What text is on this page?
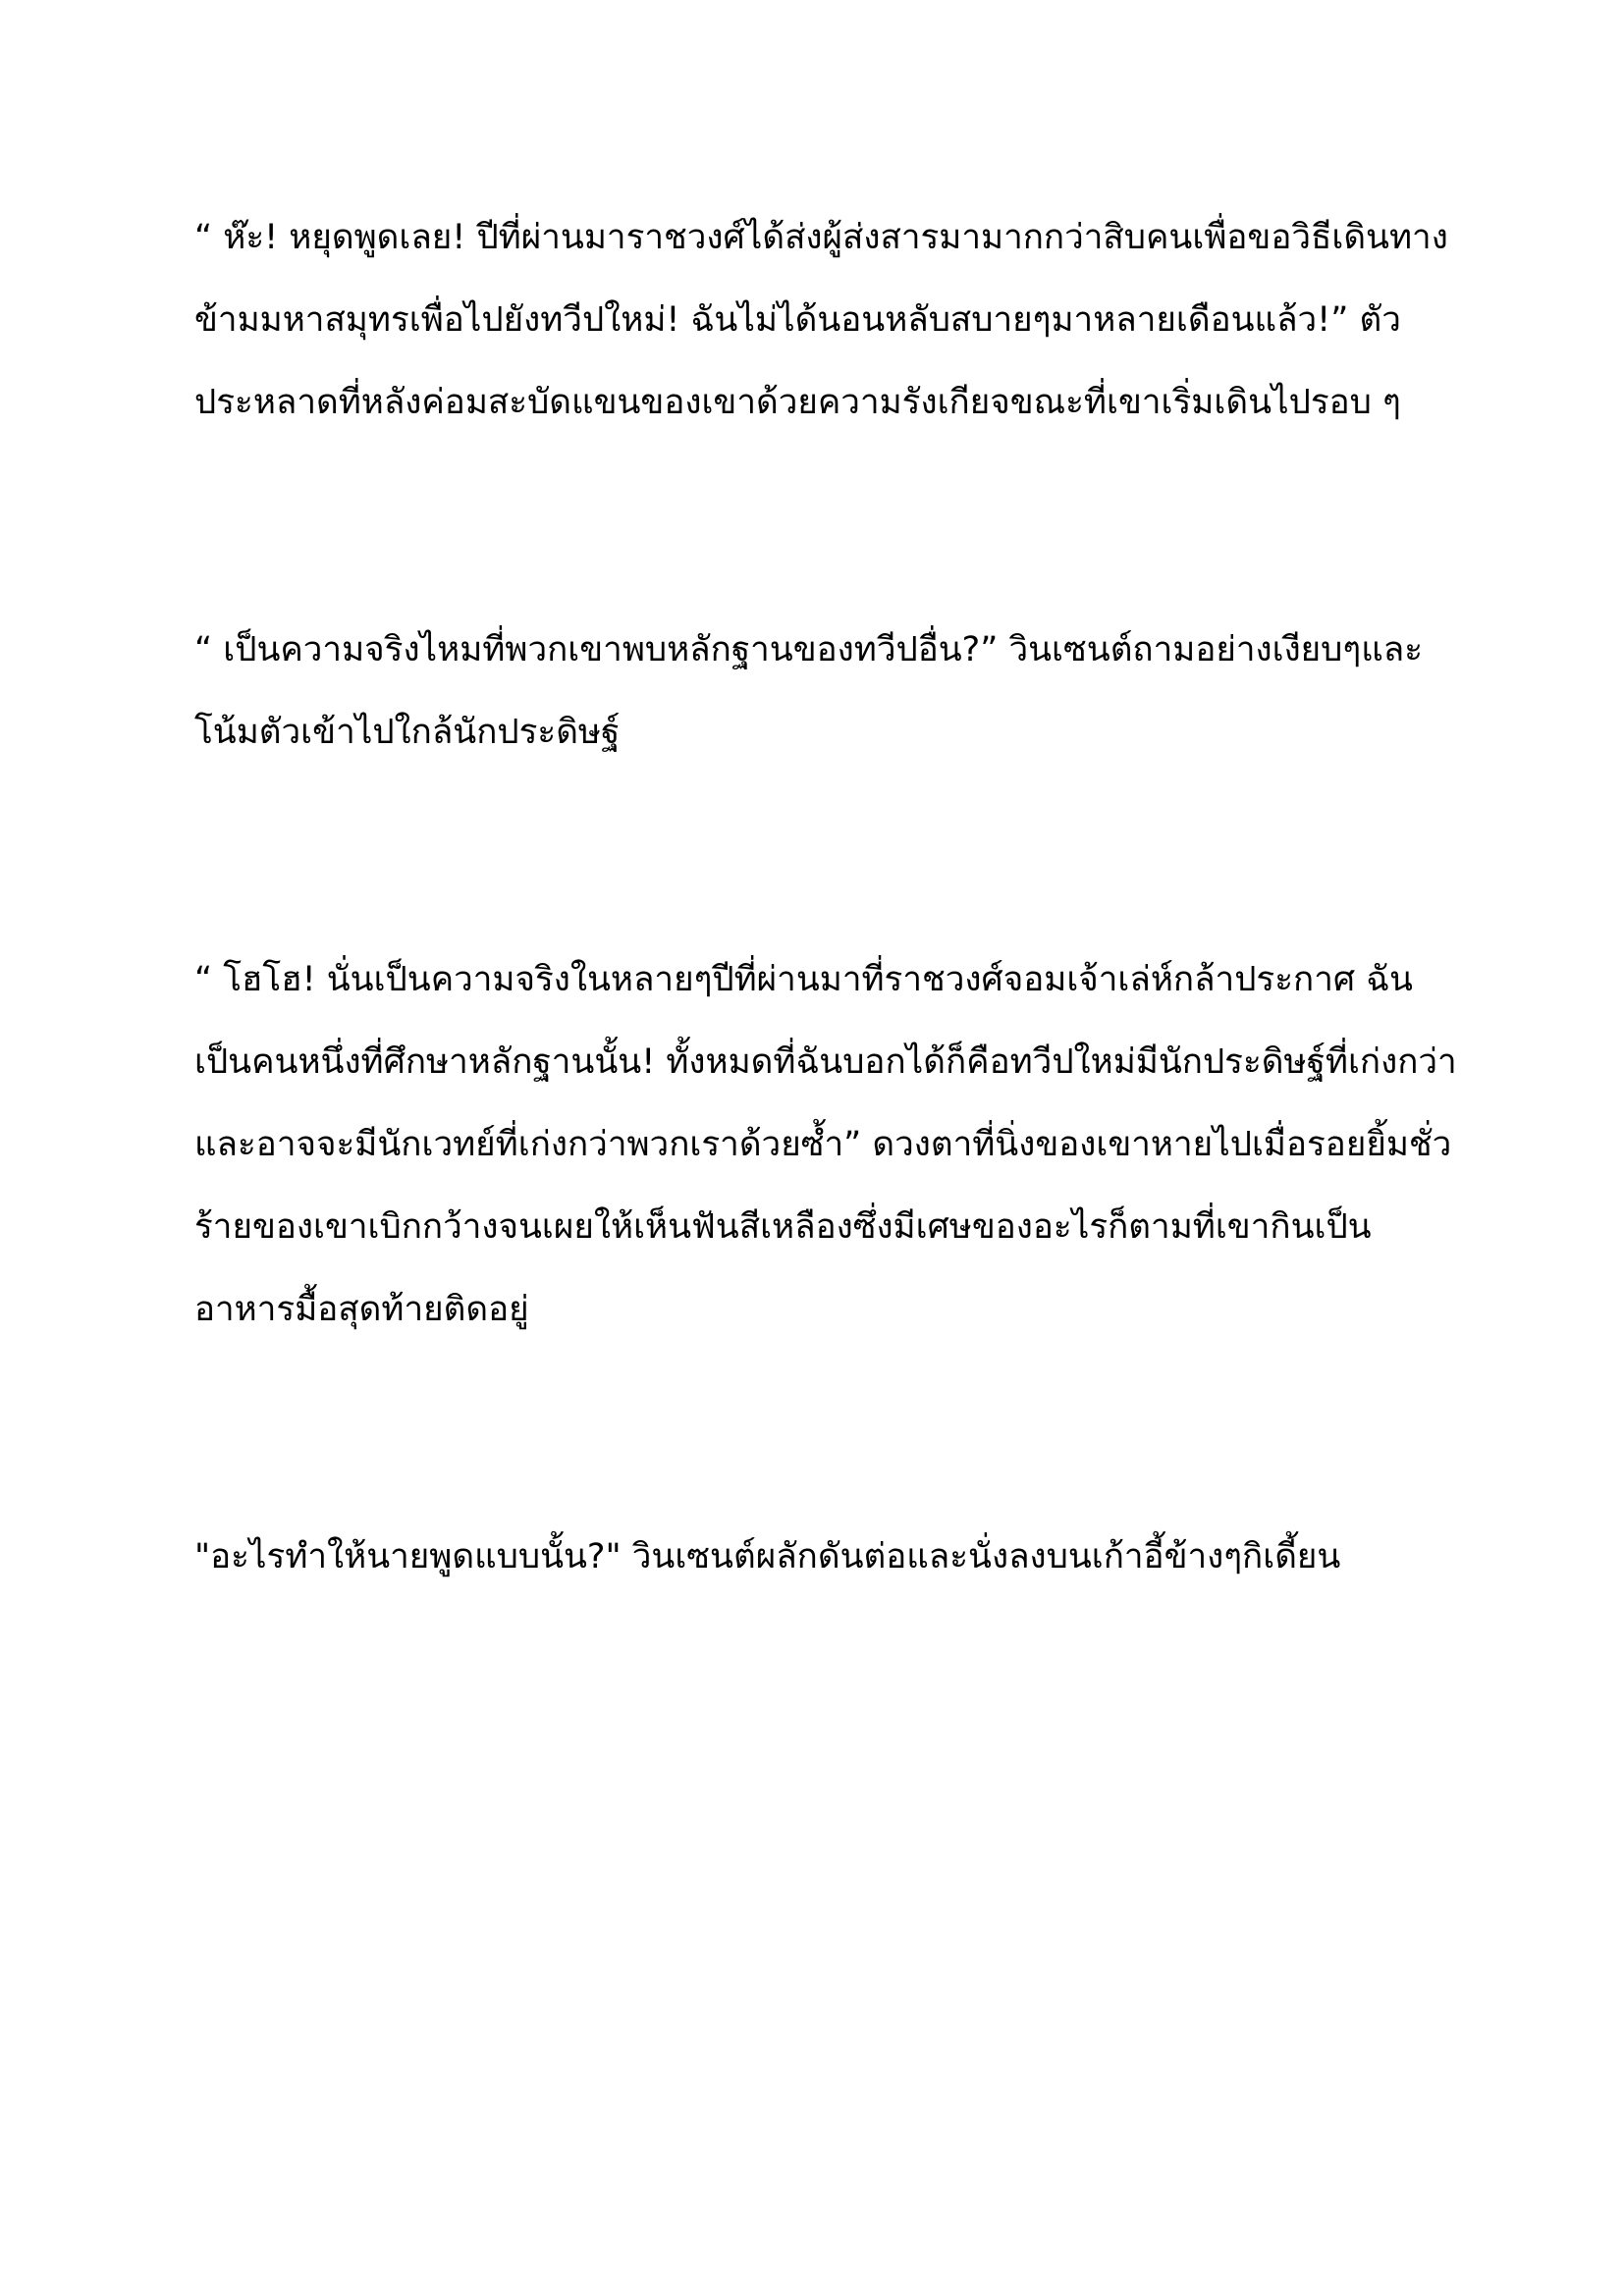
“ ห๊ะ! หยุดพูดเลย! ปีที่ผ่านมาราชวงศ์ได้ส่งผู้ส่งสารมามากกว่าสิบคนเพื่อขอวิธีเดินทางข้ามมหาสมุทรเพื่อไปยังทวีปใหม่! ฉันไม่ได้นอนหลับสบายๆมาหลายเดือนแล้ว!” ตัวประหลาดที่หลังค่อมสะบัดแขนของเขาด้วยความรังเกียจขณะที่เขาเริ่มเดินไปรอบ ๆ

“ เป็นความจริงไหมที่พวกเขาพบหลักฐานของทวีปอื่น?” วินเซนต์ถามอย่างเงียบๆและโน้มตัวเข้าไปใกล้นักประดิษฐ์

“ โฮโฮ! นั่นเป็นความจริงในหลายๆปีที่ผ่านมาที่ราชวงศ์จอมเจ้าเล่ห์กล้าประกาศ ฉันเป็นคนหนึ่งที่ศึกษาหลักฐานนั้น! ทั้งหมดที่ฉันบอกได้ก็คือทวีปใหม่มีนักประดิษฐ์ที่เก่งกว่าและอาจจะมีนักเวทย์ที่เก่งกว่าพวกเราด้วยซ้ำ” ดวงตาที่นิ่งของเขาหายไปเมื่อรอยยิ้มชั่วร้ายของเขาเบิกกว้างจนเผยให้เห็นฟันสีเหลืองซึ่งมีเศษของอะไรก็ตามที่เขากินเป็นอาหารมื้อสุดท้ายติดอยู่

"อะไรทำให้นายพูดแบบนั้น?" วินเซนต์ผลักดันต่อและนั่งลงบนเก้าอี้ข้างๆกิเดี้ยน
